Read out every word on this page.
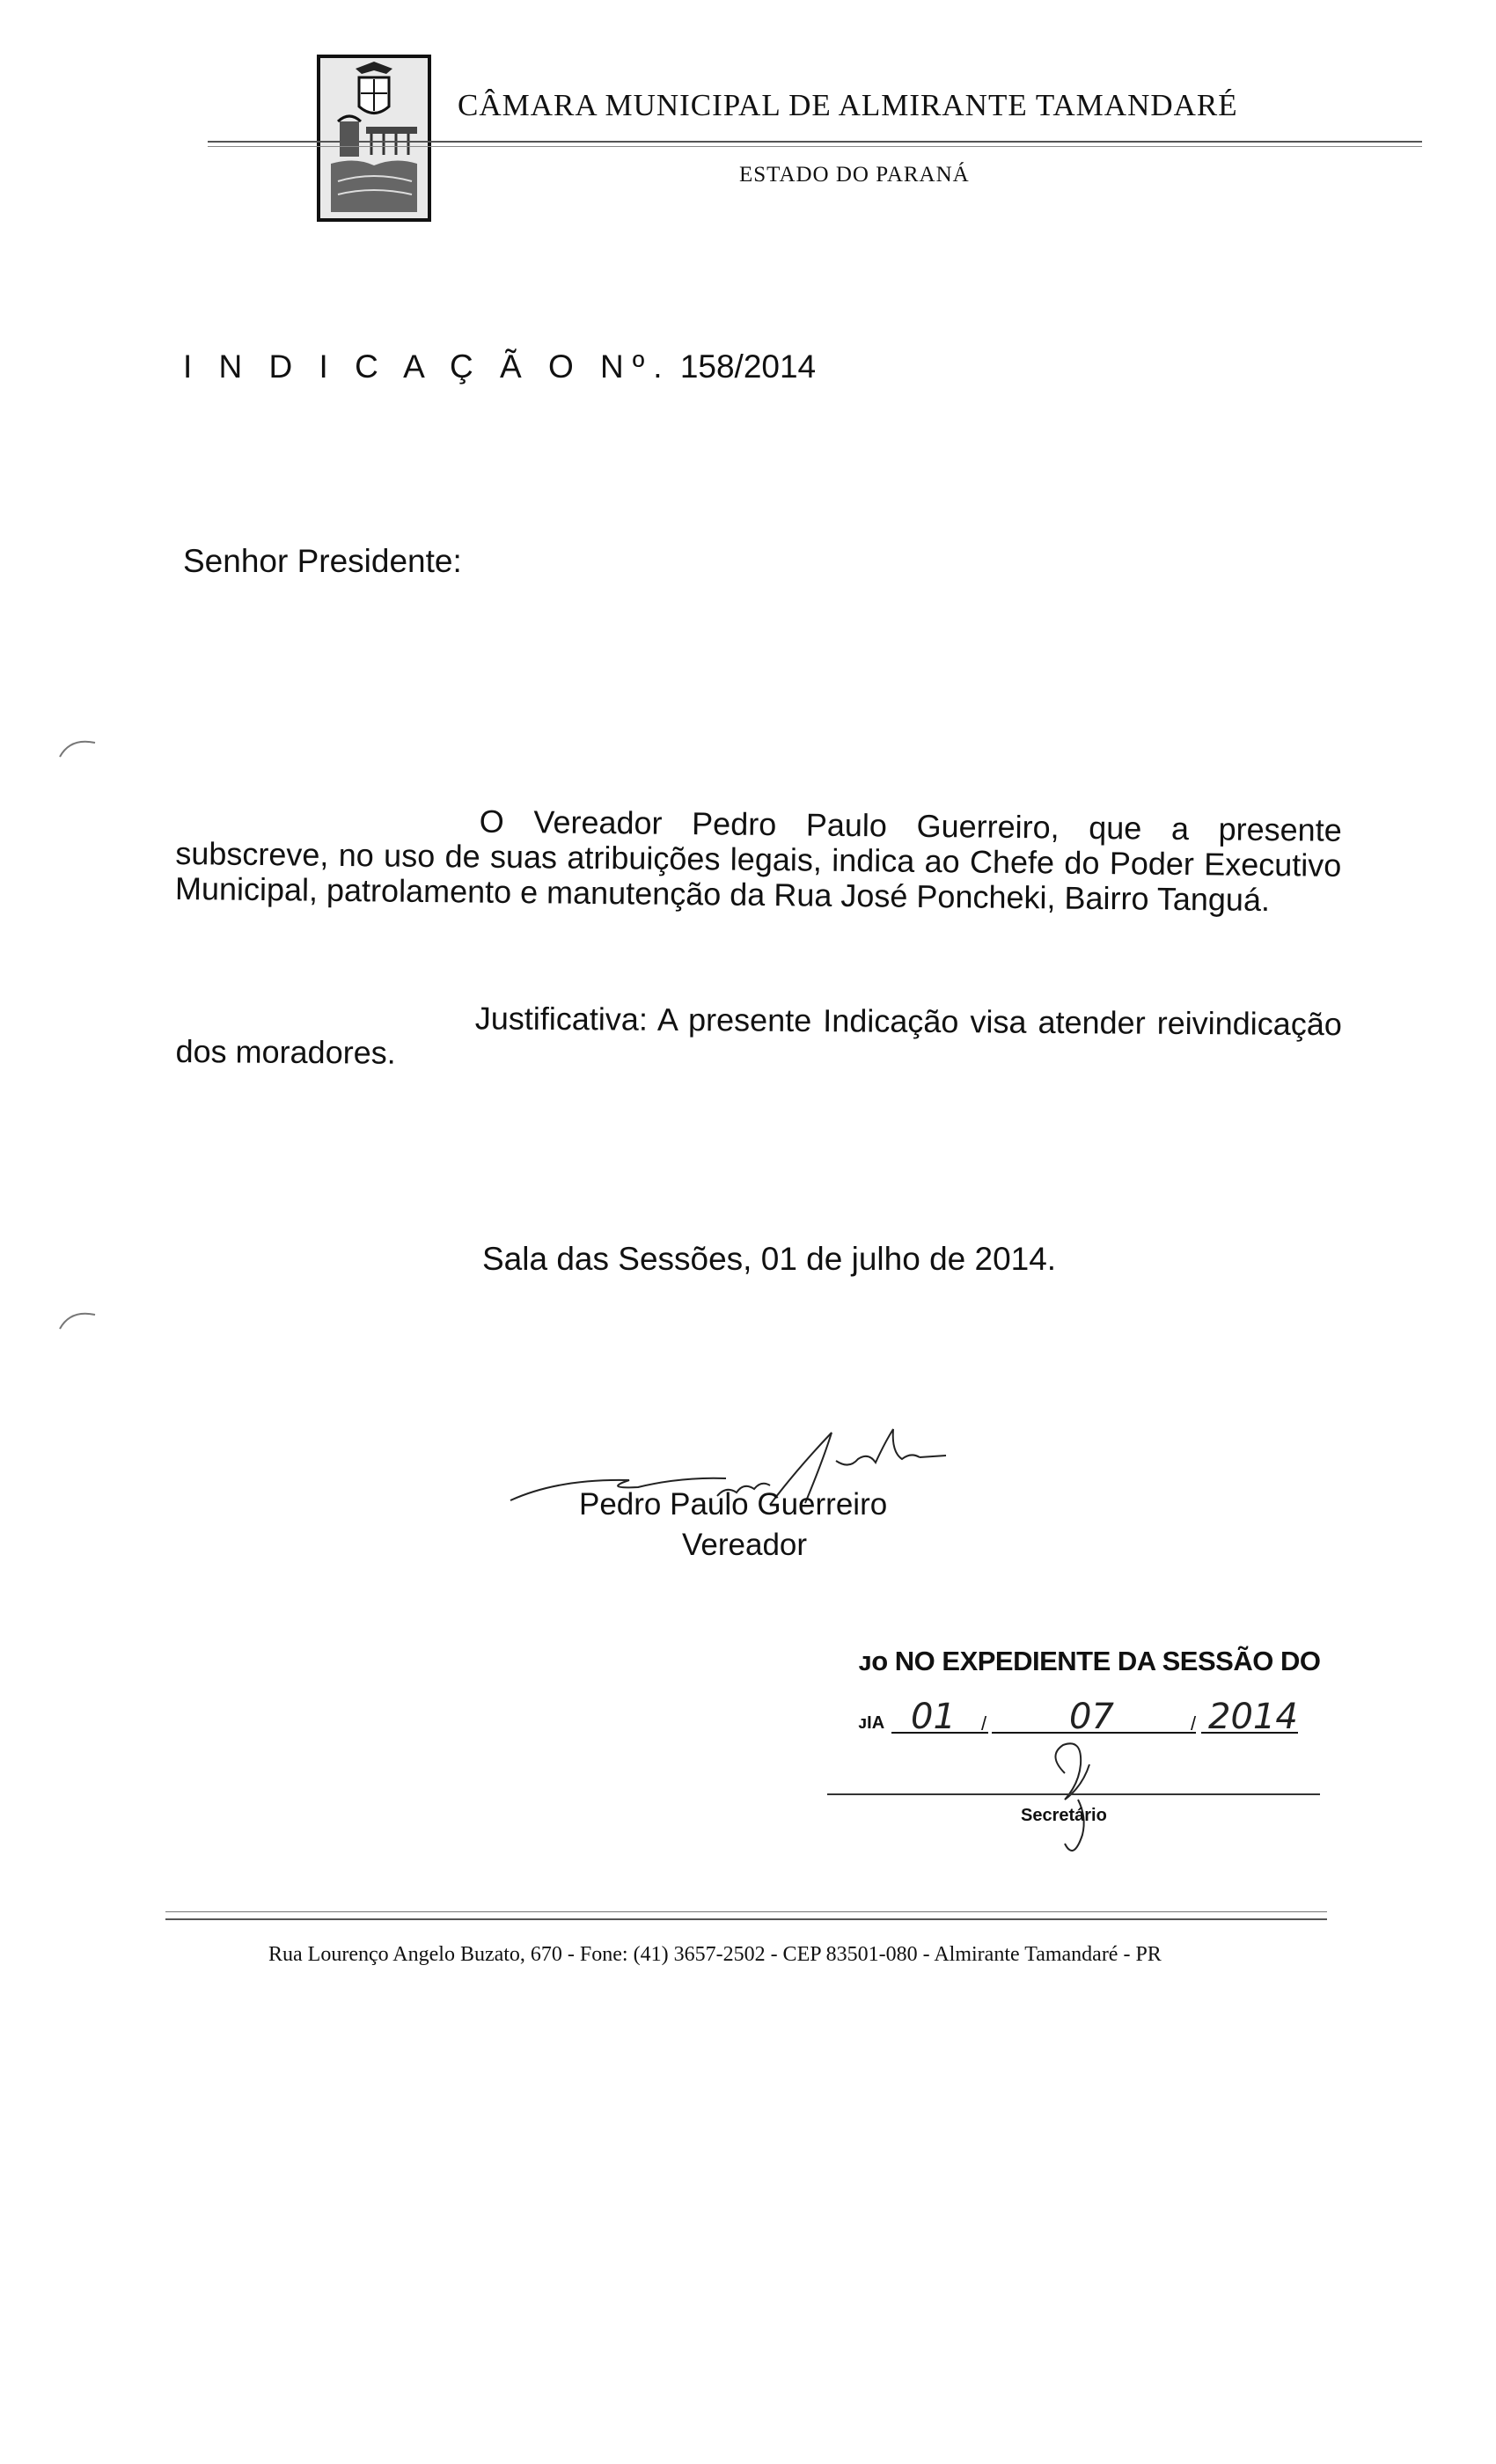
CÂMARA MUNICIPAL DE ALMIRANTE TAMANDARÉ
ESTADO DO PARANÁ
I N D I C A Ç Ã O Nº. 158/2014
Senhor Presidente:
O Vereador Pedro Paulo Guerreiro, que a presente subscreve, no uso de suas atribuições legais, indica ao Chefe do Poder Executivo Municipal, patrolamento e manutenção da Rua José Poncheki, Bairro Tanguá.
Justificativa: A presente Indicação visa atender reivindicação dos moradores.
Sala das Sessões, 01 de julho de 2014.
Pedro Paulo Guerreiro
Vereador
ᴊᴏ NO EXPEDIENTE DA SESSÃO DO
ᴊIA 01 / 07	/ 2014
Secretário
Rua Lourenço Angelo Buzato, 670 - Fone: (41) 3657-2502 - CEP 83501-080 - Almirante Tamandaré - PR
